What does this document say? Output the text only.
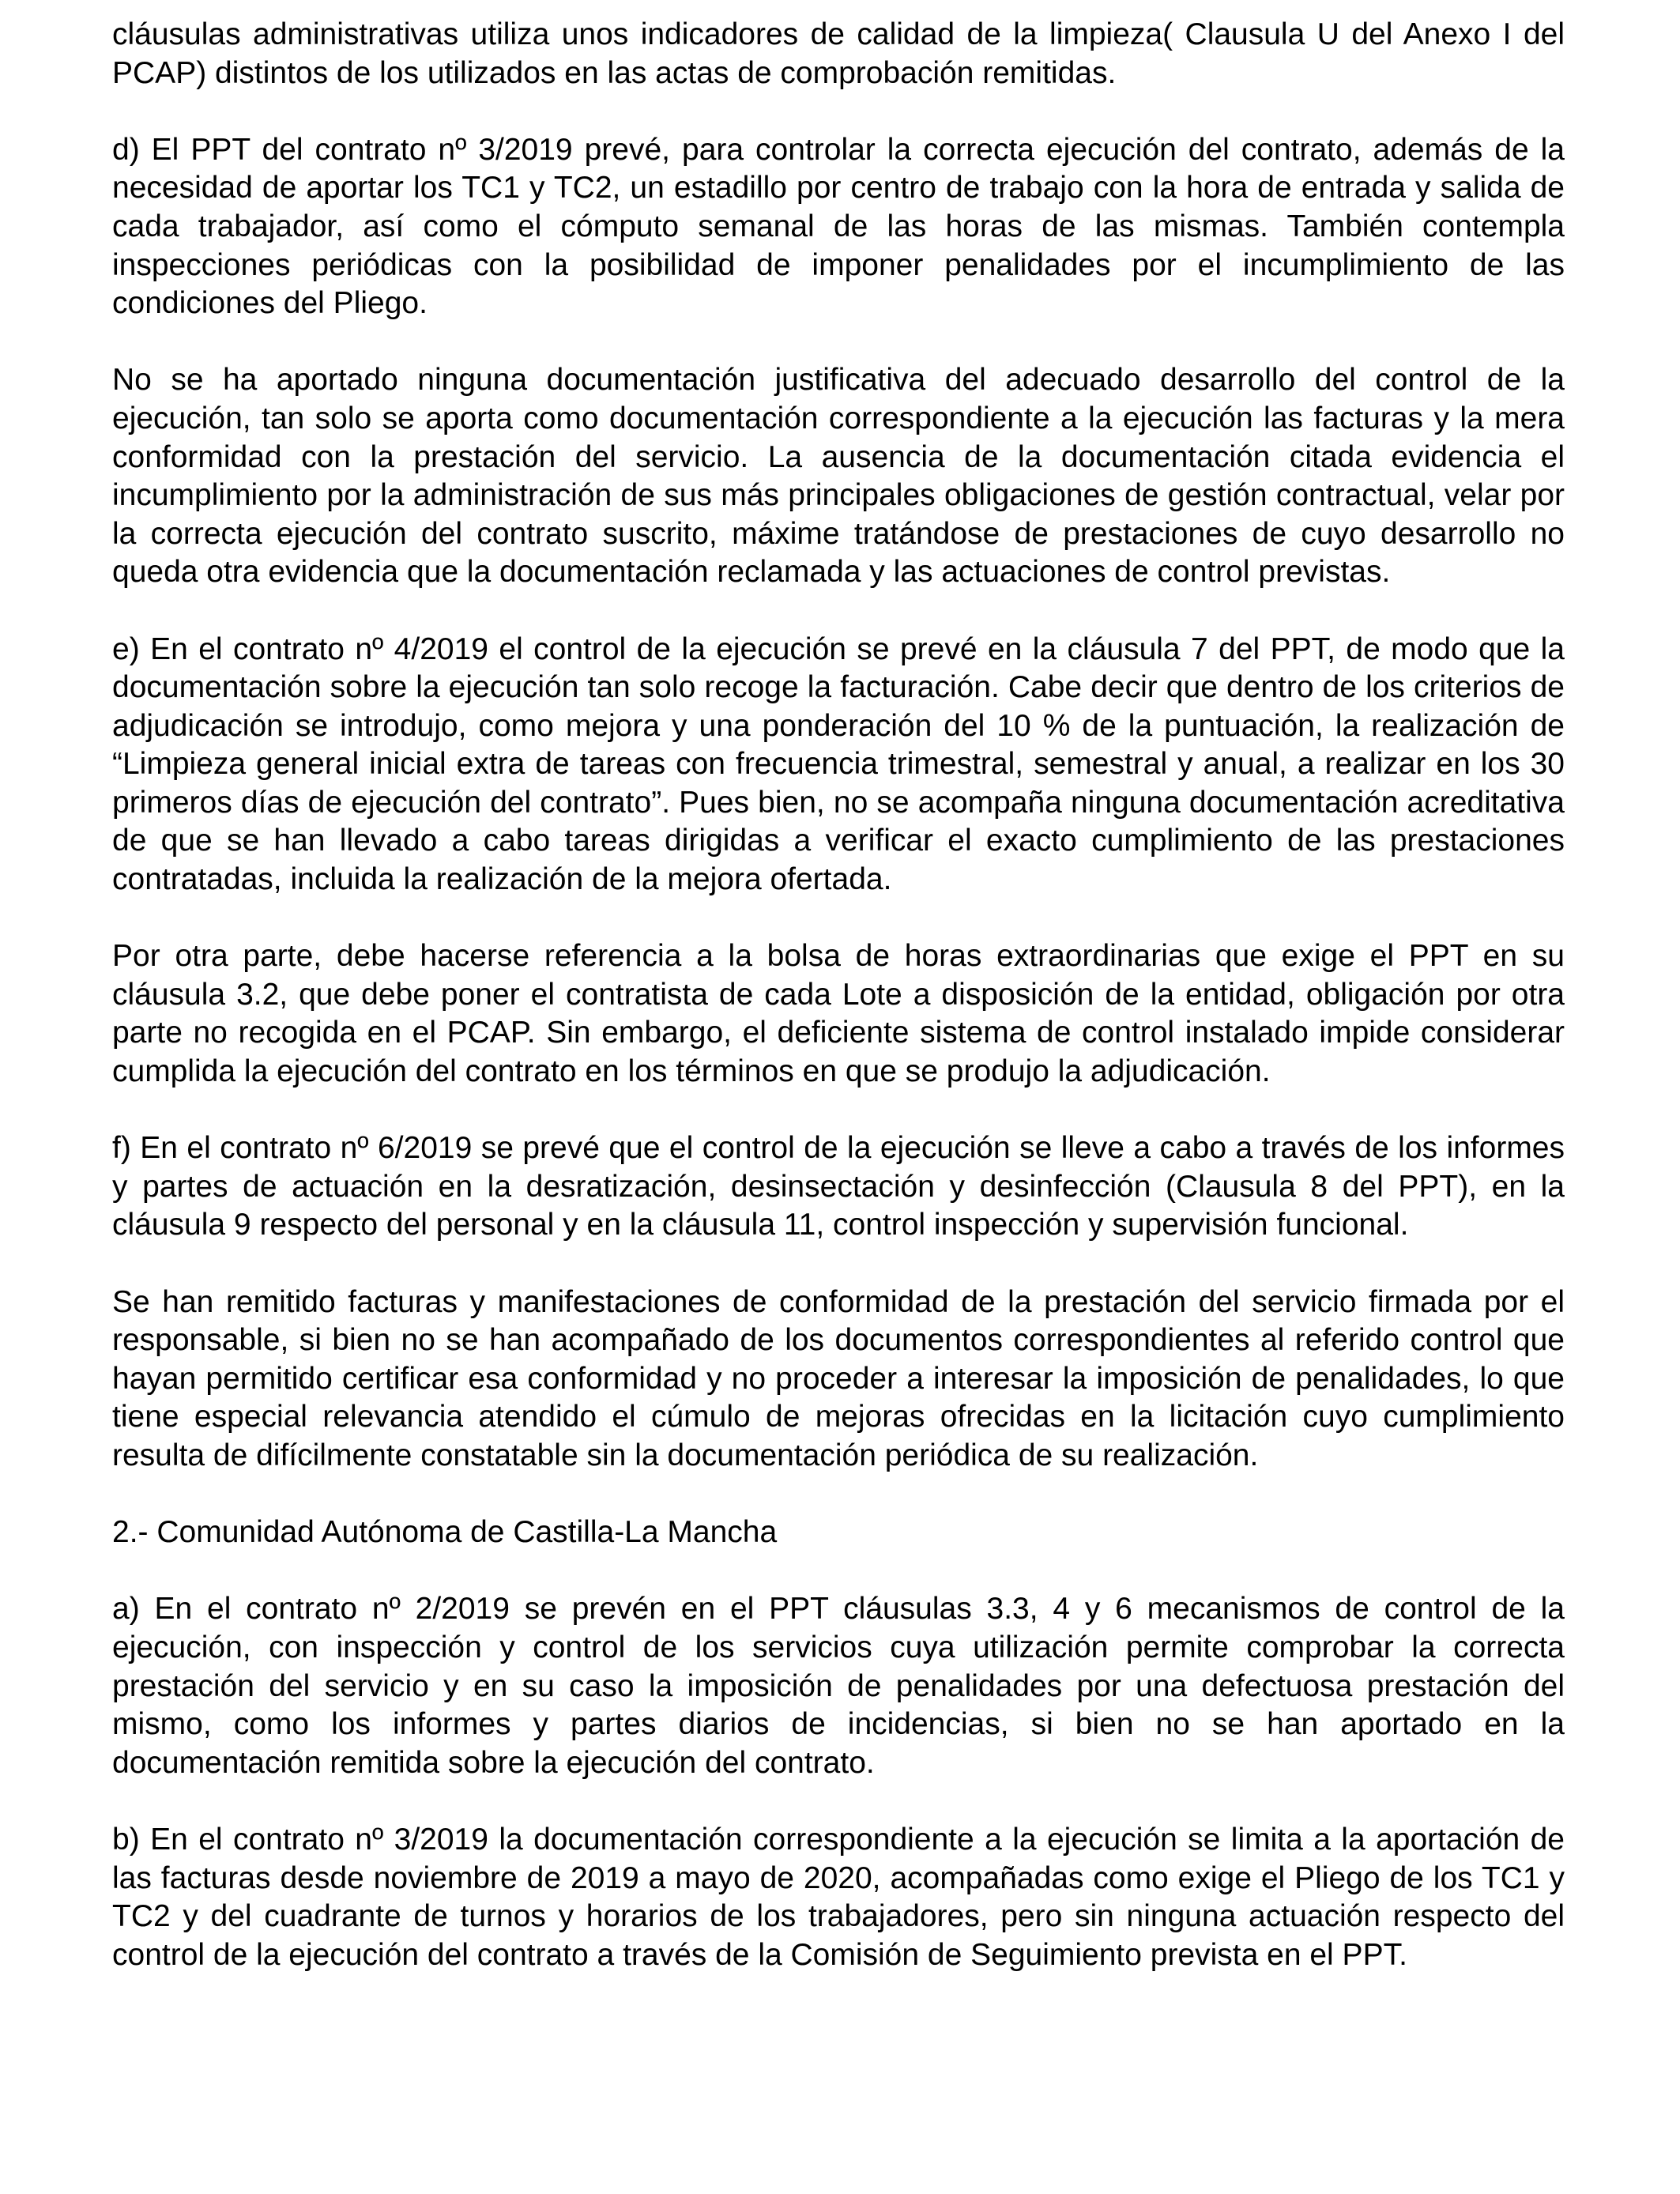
cláusulas administrativas utiliza unos indicadores de calidad de la limpieza( Clausula U del Anexo I del PCAP) distintos de los utilizados en las actas de comprobación remitidas.

d) El PPT del contrato nº 3/2019 prevé, para controlar la correcta ejecución del contrato, además de la necesidad de aportar los TC1 y TC2, un estadillo por centro de trabajo con la hora de entrada y salida de cada trabajador, así como el cómputo semanal de las horas de las mismas. También contempla inspecciones periódicas con la posibilidad de imponer penalidades por el incumplimiento de las condiciones del Pliego.

No se ha aportado ninguna documentación justificativa del adecuado desarrollo del control de la ejecución, tan solo se aporta como documentación correspondiente a la ejecución las facturas y la mera conformidad con la prestación del servicio. La ausencia de la documentación citada evidencia el incumplimiento por la administración de sus más principales obligaciones de gestión contractual, velar por la correcta ejecución del contrato suscrito, máxime tratándose de prestaciones de cuyo desarrollo no queda otra evidencia que la documentación reclamada y las actuaciones de control previstas.

e) En el contrato nº 4/2019 el control de la ejecución se prevé en la cláusula 7 del PPT, de modo que la documentación sobre la ejecución tan solo recoge la facturación. Cabe decir que dentro de los criterios de adjudicación se introdujo, como mejora y una ponderación del 10 % de la puntuación, la realización de “Limpieza general inicial extra de tareas con frecuencia trimestral, semestral y anual, a realizar en los 30 primeros días de ejecución del contrato”. Pues bien, no se acompaña ninguna documentación acreditativa de que se han llevado a cabo tareas dirigidas a verificar el exacto cumplimiento de las prestaciones contratadas, incluida la realización de la mejora ofertada.

Por otra parte, debe hacerse referencia a la bolsa de horas extraordinarias que exige el PPT en su cláusula 3.2, que debe poner el contratista de cada Lote a disposición de la entidad, obligación por otra parte no recogida en el PCAP. Sin embargo, el deficiente sistema de control instalado impide considerar cumplida la ejecución del contrato en los términos en que se produjo la adjudicación.

f) En el contrato nº 6/2019 se prevé que el control de la ejecución se lleve a cabo a través de los informes y partes de actuación en la desratización, desinsectación y desinfección (Clausula 8 del PPT), en la cláusula 9 respecto del personal y en la cláusula 11, control inspección y supervisión funcional.

Se han remitido facturas y manifestaciones de conformidad de la prestación del servicio firmada por el responsable, si bien no se han acompañado de los documentos correspondientes al referido control que hayan permitido certificar esa conformidad y no proceder a interesar la imposición de penalidades, lo que tiene especial relevancia atendido el cúmulo de mejoras ofrecidas en la licitación cuyo cumplimiento resulta de difícilmente constatable sin la documentación periódica de su realización.

2.- Comunidad Autónoma de Castilla-La Mancha

a) En el contrato nº 2/2019 se prevén en el PPT cláusulas 3.3, 4 y 6 mecanismos de control de la ejecución, con inspección y control de los servicios cuya utilización permite comprobar la correcta prestación del servicio y en su caso la imposición de penalidades por una defectuosa prestación del mismo, como los informes y partes diarios de incidencias, si bien no se han aportado en la documentación remitida sobre la ejecución del contrato.

b) En el contrato nº 3/2019 la documentación correspondiente a la ejecución se limita a la aportación de las facturas desde noviembre de 2019 a mayo de 2020, acompañadas como exige el Pliego de los TC1 y TC2 y del cuadrante de turnos y horarios de los trabajadores, pero sin ninguna actuación respecto del control de la ejecución del contrato a través de la Comisión de Seguimiento prevista en el PPT.
